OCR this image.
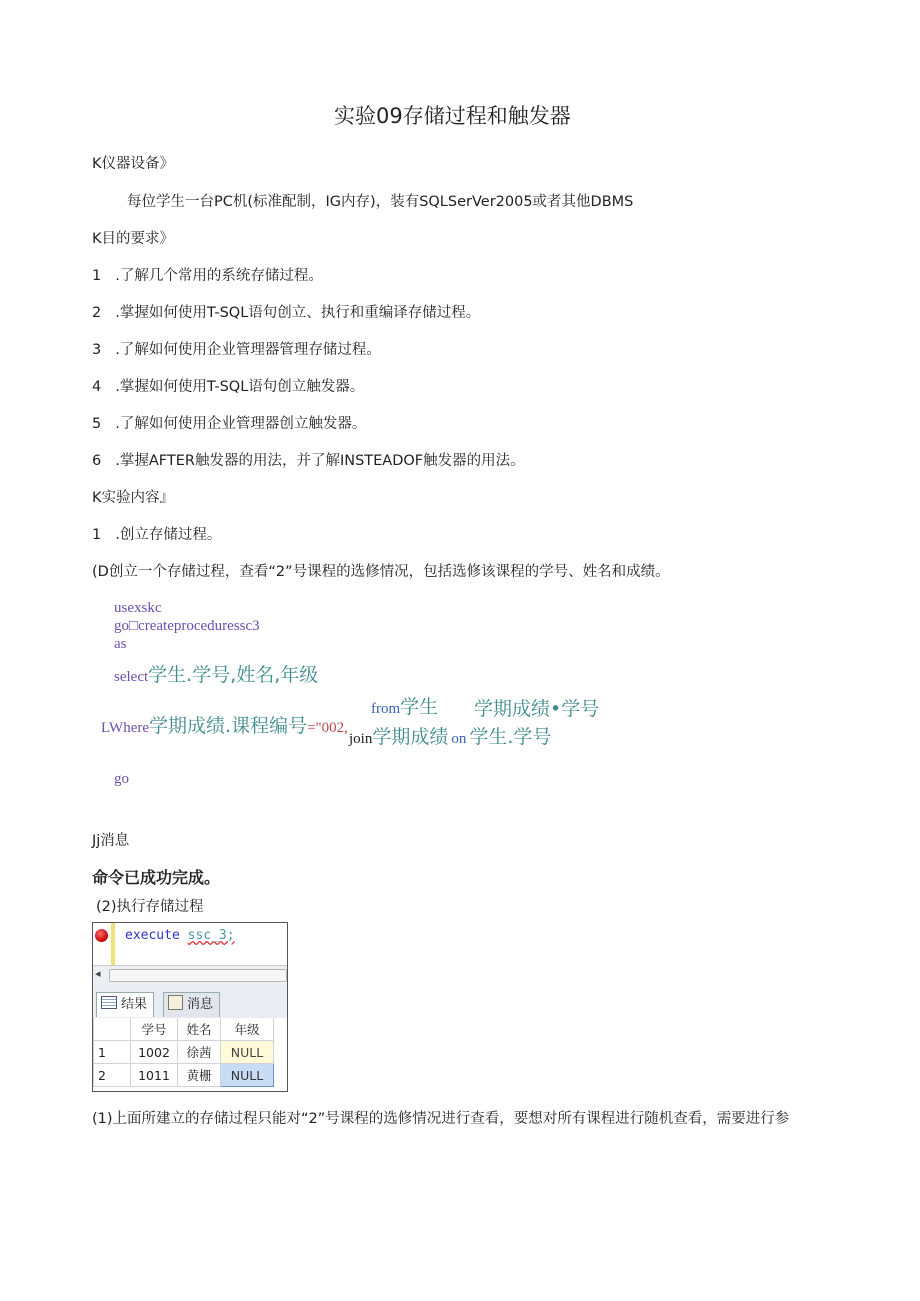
实验09存储过程和触发器
K仪器设备》
每位学生一台PC机(标准配制，IG内存)，装有SQLSerVer2005或者其他DBMS
K目的要求》
1 .了解几个常用的系统存储过程。
2 .掌握如何使用T-SQL语句创立、执行和重编译存储过程。
3 .了解如何使用企业管理器管理存储过程。
4 .掌握如何使用T-SQL语句创立触发器。
5 .了解如何使用企业管理器创立触发器。
6 .掌握AFTER触发器的用法，并了解INSTEADOF触发器的用法。
K实验内容』
1 .创立存储过程。
(D创立一个存储过程，查看“2”号课程的选修情况，包括选修该课程的学号、姓名和成绩。
usexskc
go□createproceduressc3
as
select学生.学号,姓名,年级
from学生 学期成绩•学号
LWhere学期成绩.课程编号="002,
join学期成绩 on 学生.学号
go
Jj消息
命令已成功完成。
(2)执行存储过程
execute ssc_3;
◂
结果	消息
	学号	姓名	年级
1	1002	徐茜	NULL
2	1011	黄栅	NULL
(1)上面所建立的存储过程只能对“2”号课程的选修情况进行查看，要想对所有课程进行随机查看，需要进行参
